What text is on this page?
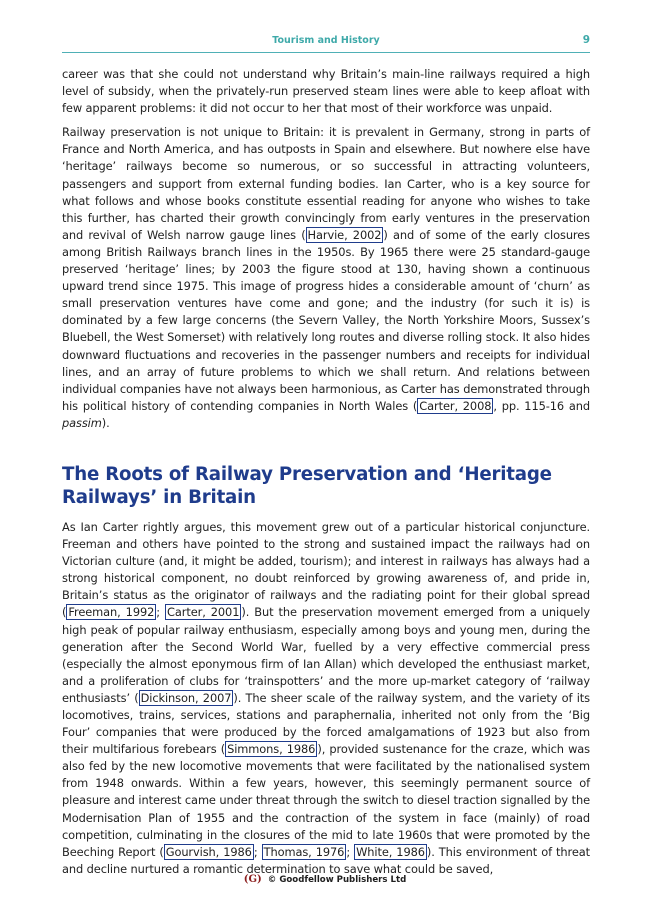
Tourism and History	9

career was that she could not understand why Britain’s main-line railways required a high level of subsidy, when the privately-run preserved steam lines were able to keep afloat with few apparent problems: it did not occur to her that most of their workforce was unpaid.

Railway preservation is not unique to Britain: it is prevalent in Germany, strong in parts of France and North America, and has outposts in Spain and elsewhere. But nowhere else have ‘heritage’ railways become so numerous, or so successful in attracting volunteers, passengers and support from external funding bodies. Ian Carter, who is a key source for what follows and whose books constitute essential reading for anyone who wishes to take this further, has charted their growth convincingly from early ventures in the preservation and revival of Welsh narrow gauge lines ( Harvie, 2002 ) and of some of the early closures among British Railways branch lines in the 1950s. By 1965 there were 25 standard-gauge preserved ‘heritage’ lines; by 2003 the figure stood at 130, having shown a continuous upward trend since 1975. This image of progress hides a considerable amount of ‘churn’ as small preservation ventures have come and gone; and the industry (for such it is) is dominated by a few large concerns (the Severn Valley, the North Yorkshire Moors, Sussex’s Bluebell, the West Somerset) with relatively long routes and diverse rolling stock. It also hides downward fluctuations and recoveries in the passenger numbers and receipts for individual lines, and an array of future problems to which we shall return. And relations between individual companies have not always been harmonious, as Carter has demonstrated through his political history of contending companies in North Wales ( Carter, 2008 , pp. 115-16 and passim).

The Roots of Railway Preservation and ‘Heritage Railways’ in Britain

As Ian Carter rightly argues, this movement grew out of a particular historical conjuncture. Freeman and others have pointed to the strong and sustained impact the railways had on Victorian culture (and, it might be added, tourism); and interest in railways has always had a strong historical component, no doubt reinforced by growing awareness of, and pride in, Britain’s status as the originator of railways and the radiating point for their global spread ( Freeman, 1992 ; Carter, 2001 ). But the preservation movement emerged from a uniquely high peak of popular railway enthusiasm, especially among boys and young men, during the generation after the Second World War, fuelled by a very effective commercial press (especially the almost eponymous firm of Ian Allan) which developed the enthusiast market, and a proliferation of clubs for ‘trainspotters’ and the more up-market category of ‘railway enthusiasts’ ( Dickinson, 2007 ). The sheer scale of the railway system, and the variety of its locomotives, trains, services, stations and paraphernalia, inherited not only from the ‘Big Four’ companies that were produced by the forced amalgamations of 1923 but also from their multifarious forebears ( Simmons, 1986 ), provided sustenance for the craze, which was also fed by the new locomotive movements that were facilitated by the nationalised system from 1948 onwards. Within a few years, however, this seemingly permanent source of pleasure and interest came under threat through the switch to diesel traction signalled by the Modernisation Plan of 1955 and the contraction of the system in face (mainly) of road competition, culminating in the closures of the mid to late 1960s that were promoted by the Beeching Report ( Gourvish, 1986 ; Thomas, 1976 ; White, 1986 ). This environment of threat and decline nurtured a romantic determination to save what could be saved,

(G) © Goodfellow Publishers Ltd
